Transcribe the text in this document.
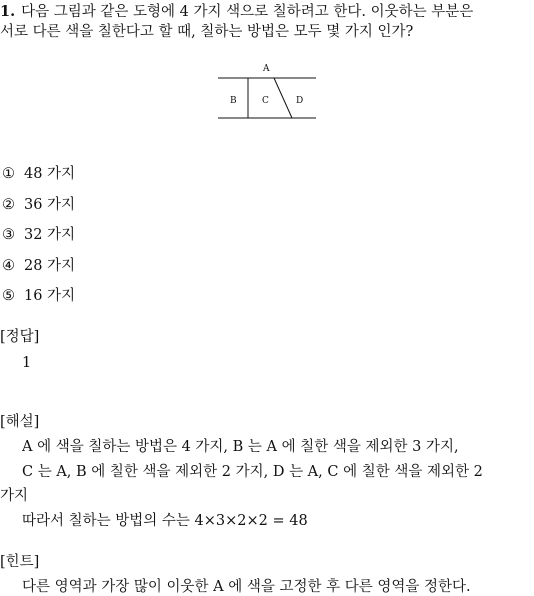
1. 다음 그림과 같은 도형에 4 가지 색으로 칠하려고 한다. 이웃하는 부분은
서로 다른 색을 칠한다고 할 때, 칠하는 방법은 모두 몇 가지 인가?
A
B	C	D
① 48 가지
② 36 가지
③ 32 가지
④ 28 가지
⑤ 16 가지
[정답]
1
[해설]
A 에 색을 칠하는 방법은 4 가지, B 는 A 에 칠한 색을 제외한 3 가지,
C 는 A, B 에 칠한 색을 제외한 2 가지, D 는 A, C 에 칠한 색을 제외한 2
가지
따라서 칠하는 방법의 수는 4×3×2×2 = 48
[힌트]
다른 영역과 가장 많이 이웃한 A 에 색을 고정한 후 다른 영역을 정한다.
